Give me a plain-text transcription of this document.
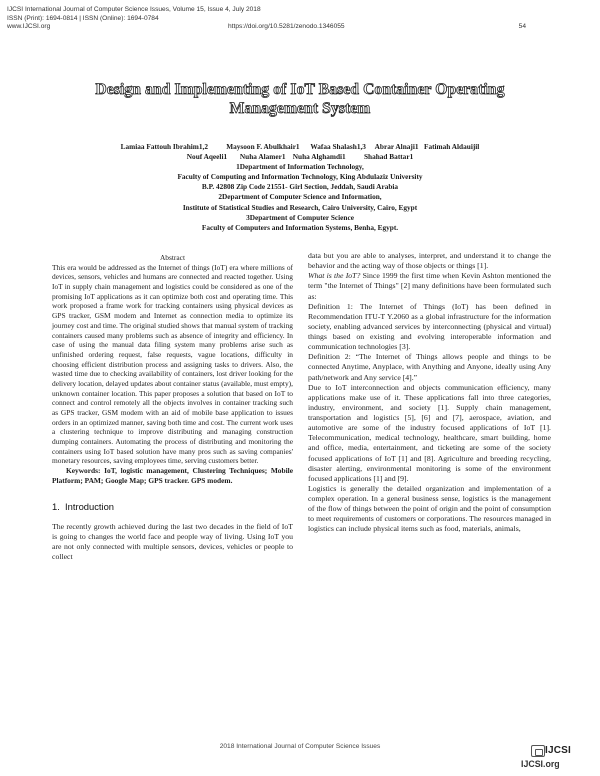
IJCSI International Journal of Computer Science Issues, Volume 15, Issue 4, July 2018
ISSN (Print): 1694-0814 | ISSN (Online): 1694-0784
www.IJCSI.org	https://doi.org/10.5281/zenodo.1346055	54
Design and Implementing of IoT Based Container Operating
Management System
Lamiaa Fattouh Ibrahim1,2          Maysoon F. Abulkhair1      Wafaa Shalash1,3     Abrar Alnaji1   Fatimah Aldauijil
Nouf Aqeeli1       Nuha Alamer1    Nuha Alghamdi1          Shahad Battar1
1Department of Information Technology,
Faculty of Computing and Information Technology, King Abdulaziz University
B.P. 42808 Zip Code 21551- Girl Section, Jeddah, Saudi Arabia
2Department of Computer Science and Information,
Institute of Statistical Studies and Research, Cairo University, Cairo, Egypt
3Department of Computer Science
Faculty of Computers and Information Systems, Benha, Egypt.
Abstract
This era would be addressed as the Internet of things (IoT) era where millions of devices, sensors, vehicles and humans are connected and reacted together. Using IoT in supply chain management and logistics could be considered as one of the promising IoT applications as it can optimize both cost and operating time. This work proposed a frame work for tracking containers using physical devices as GPS tracker, GSM modem and Internet as connection media to optimize its journey cost and time. The original studied shows that manual system of tracking containers caused many problems such as absence of integrity and efficiency. In case of using the manual data filing system many problems arise such as unfinished ordering request, false requests, vague locations, difficulty in choosing efficient distribution process and assigning tasks to drivers. Also, the wasted time due to checking availability of containers, lost driver looking for the delivery location, delayed updates about container status (available, must empty), unknown container location. This paper proposes a solution that based on IoT to connect and control remotely all the objects involves in container tracking such as GPS tracker, GSM modem with an aid of mobile base application to issues orders in an optimized manner, saving both time and cost. The current work uses a clustering technique to improve distributing and managing construction dumping containers. Automating the process of distributing and monitoring the containers using IoT based solution have many pros such as saving companies' monetary resources, saving employees time, serving customers better.
Keywords: IoT, logistic management, Clustering Techniques; Mobile Platform; PAM; Google Map; GPS tracker. GPS modem.
1.  Introduction
The recently growth achieved during the last two decades in the field of IoT is going to changes the world face and people way of living. Using IoT you are not only connected with multiple sensors, devices, vehicles or people to collect

data but you are able to analyses, interpret, and understand it to change the behavior and the acting way of those objects or things [1].

What is the IoT? Since 1999 the first time when Kevin Ashton mentioned the term "the Internet of Things" [2] many definitions have been formulated such as:

Definition 1: The Internet of Things (IoT) has been defined in Recommendation ITU-T Y.2060 as a global infrastructure for the information society, enabling advanced services by interconnecting (physical and virtual) things based on existing and evolving interoperable information and communication technologies [3].

Definition 2: “The Internet of Things allows people and things to be connected Anytime, Anyplace, with Anything and Anyone, ideally using Any path/network and Any service [4].”

Due to IoT interconnection and objects communication efficiency, many applications make use of it. These applications fall into three categories, industry, environment, and society [1]. Supply chain management, transportation and logistics [5], [6] and [7], aerospace, aviation, and automotive are some of the industry focused applications of IoT [1]. Telecommunication, medical technology, healthcare, smart building, home and office, media, entertainment, and ticketing are some of the society focused applications of IoT [1] and [8]. Agriculture and breeding recycling, disaster alerting, environmental monitoring is some of the environment focused applications [1] and [9].

Logistics is generally the detailed organization and implementation of a complex operation. In a general business sense, logistics is the management of the flow of things between the point of origin and the point of consumption to meet requirements of customers or corporations. The resources managed in logistics can include physical items such as food, materials, animals,

2018 International Journal of Computer Science Issues	IJCSI
IJCSI.org
